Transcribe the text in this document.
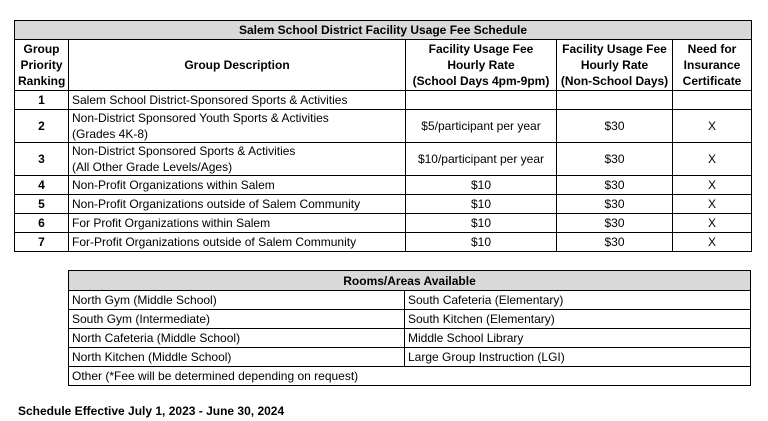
Salem School District Facility Usage Fee Schedule				
Group
Priority
Ranking	Group Description	Facility Usage Fee
Hourly Rate
(School Days 4pm-9pm)	Facility Usage Fee
Hourly Rate
(Non-School Days)	Need for
Insurance
Certificate
1	Salem School District-Sponsored Sports & Activities			
2	Non-District Sponsored Youth Sports & Activities
(Grades 4K-8)	$5/participant per year	$30	X
3	Non-District Sponsored Sports & Activities
(All Other Grade Levels/Ages)	$10/participant per year	$30	X
4	Non-Profit Organizations within Salem	$10	$30	X
5	Non-Profit Organizations outside of Salem Community	$10	$30	X
6	For Profit Organizations within Salem	$10	$30	X
7	For-Profit Organizations outside of Salem Community	$10	$30	X
Rooms/Areas Available	
North Gym (Middle School)	South Cafeteria (Elementary)
South Gym (Intermediate)	South Kitchen (Elementary)
North Cafeteria (Middle School)	Middle School Library
North Kitchen (Middle School)	Large Group Instruction (LGI)
Other (*Fee will be determined depending on request)	
Schedule Effective July 1, 2023 - June 30, 2024
